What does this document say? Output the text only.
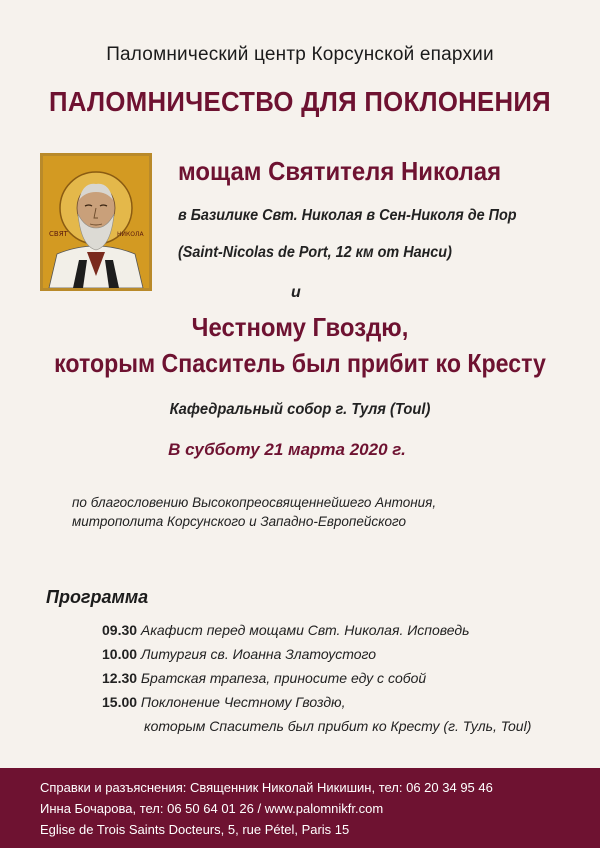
Паломнический центр Корсунской епархии
ПАЛОМНИЧЕСТВО ДЛЯ ПОКЛОНЕНИЯ
СВЯТ	НИКОЛА
мощам Святителя Николая
в Базилике Свт. Николая в Сен-Николя де Пор
(Saint-Nicolas de Port, 12 км от Нанси)
и
Честному Гвоздю,
которым Спаситель был прибит ко Кресту
Кафедральный собор г. Туля (Toul)
В субботу 21 марта 2020 г.
по благословению Высокопреосвященнейшего Антония,
митрополита Корсунского и Западно-Европейского
Программа
09.30 Акафист перед мощами Свт. Николая. Исповедь
10.00 Литургия св. Иоанна Златоустого
12.30 Братская трапеза, приносите еду с собой
15.00 Поклонение Честному Гвоздю,
которым Спаситель был прибит ко Кресту (г. Туль, Toul)
Справки и разъяснения: Священник Николай Никишин, тел: 06 20 34 95 46
Инна Бочарова, тел: 06 50 64 01 26 / www.palomnikfr.com
Eglise de Trois Saints Docteurs, 5, rue Pétel, Paris 15
